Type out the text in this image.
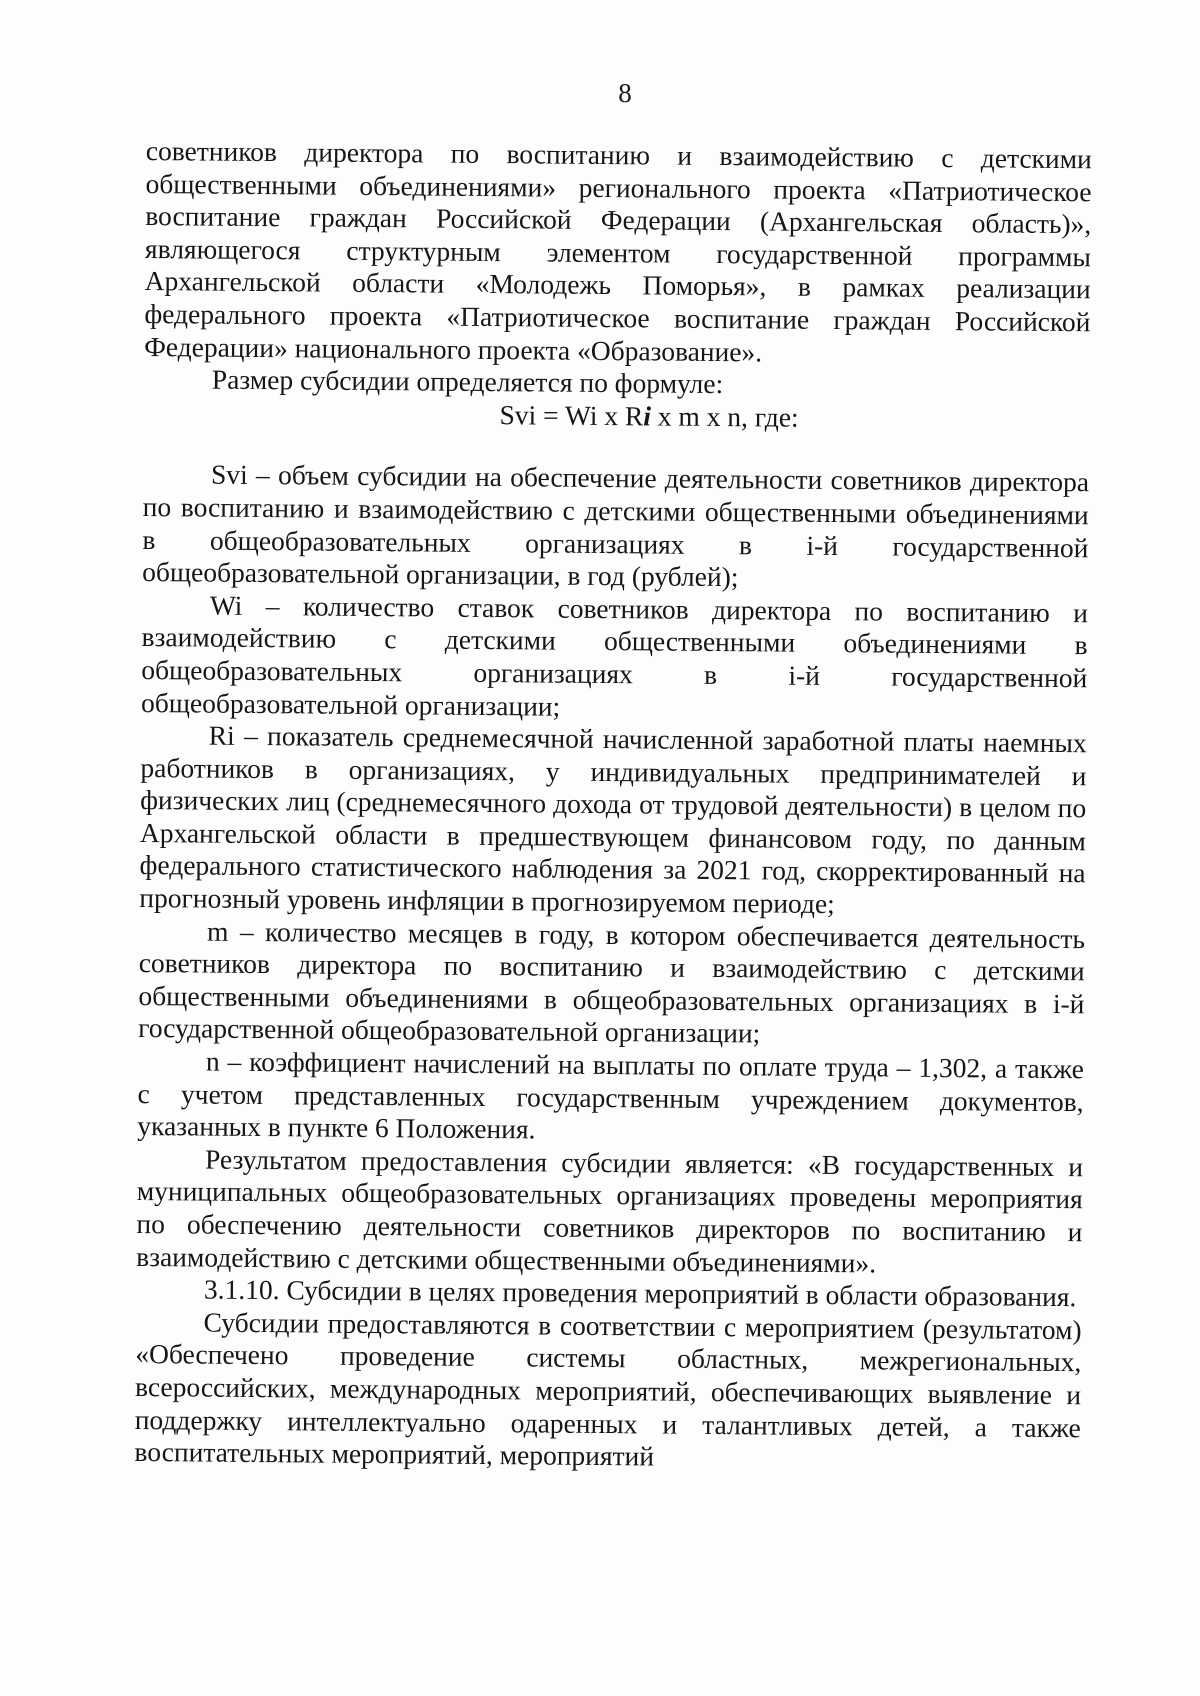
8

советников директора по воспитанию и взаимодействию с детскими общественными объединениями» регионального проекта «Патриотическое воспитание граждан Российской Федерации (Архангельская область)», являющегося структурным элементом государственной программы Архангельской области «Молодежь Поморья», в рамках реализации федерального проекта «Патриотическое воспитание граждан Российской Федерации» национального проекта «Образование».

Размер субсидии определяется по формуле:

Svi = Wi x Ri x m x n, где:

Svi – объем субсидии на обеспечение деятельности советников директора по воспитанию и взаимодействию с детскими общественными объединениями в общеобразовательных организациях в i-й государственной общеобразовательной организации, в год (рублей);

Wi – количество ставок советников директора по воспитанию и взаимодействию с детскими общественными объединениями в общеобразовательных организациях в i-й государственной общеобразовательной организации;

Ri – показатель среднемесячной начисленной заработной платы наемных работников в организациях, у индивидуальных предпринимателей и физических лиц (среднемесячного дохода от трудовой деятельности) в целом по Архангельской области в предшествующем финансовом году, по данным федерального статистического наблюдения за 2021 год, скорректированный на прогнозный уровень инфляции в прогнозируемом периоде;

m – количество месяцев в году, в котором обеспечивается деятельность советников директора по воспитанию и взаимодействию с детскими общественными объединениями в общеобразовательных организациях в i-й государственной общеобразовательной организации;

n – коэффициент начислений на выплаты по оплате труда – 1,302, а также с учетом представленных государственным учреждением документов, указанных в пункте 6 Положения.

Результатом предоставления субсидии является: «В государственных и муниципальных общеобразовательных организациях проведены мероприятия по обеспечению деятельности советников директоров по воспитанию и взаимодействию с детскими общественными объединениями».

3.1.10. Субсидии в целях проведения мероприятий в области образования.

Субсидии предоставляются в соответствии с мероприятием (результатом) «Обеспечено проведение системы областных, межрегиональных, всероссийских, международных мероприятий, обеспечивающих выявление и поддержку интеллектуально одаренных и талантливых детей, а также воспитательных мероприятий, мероприятий
